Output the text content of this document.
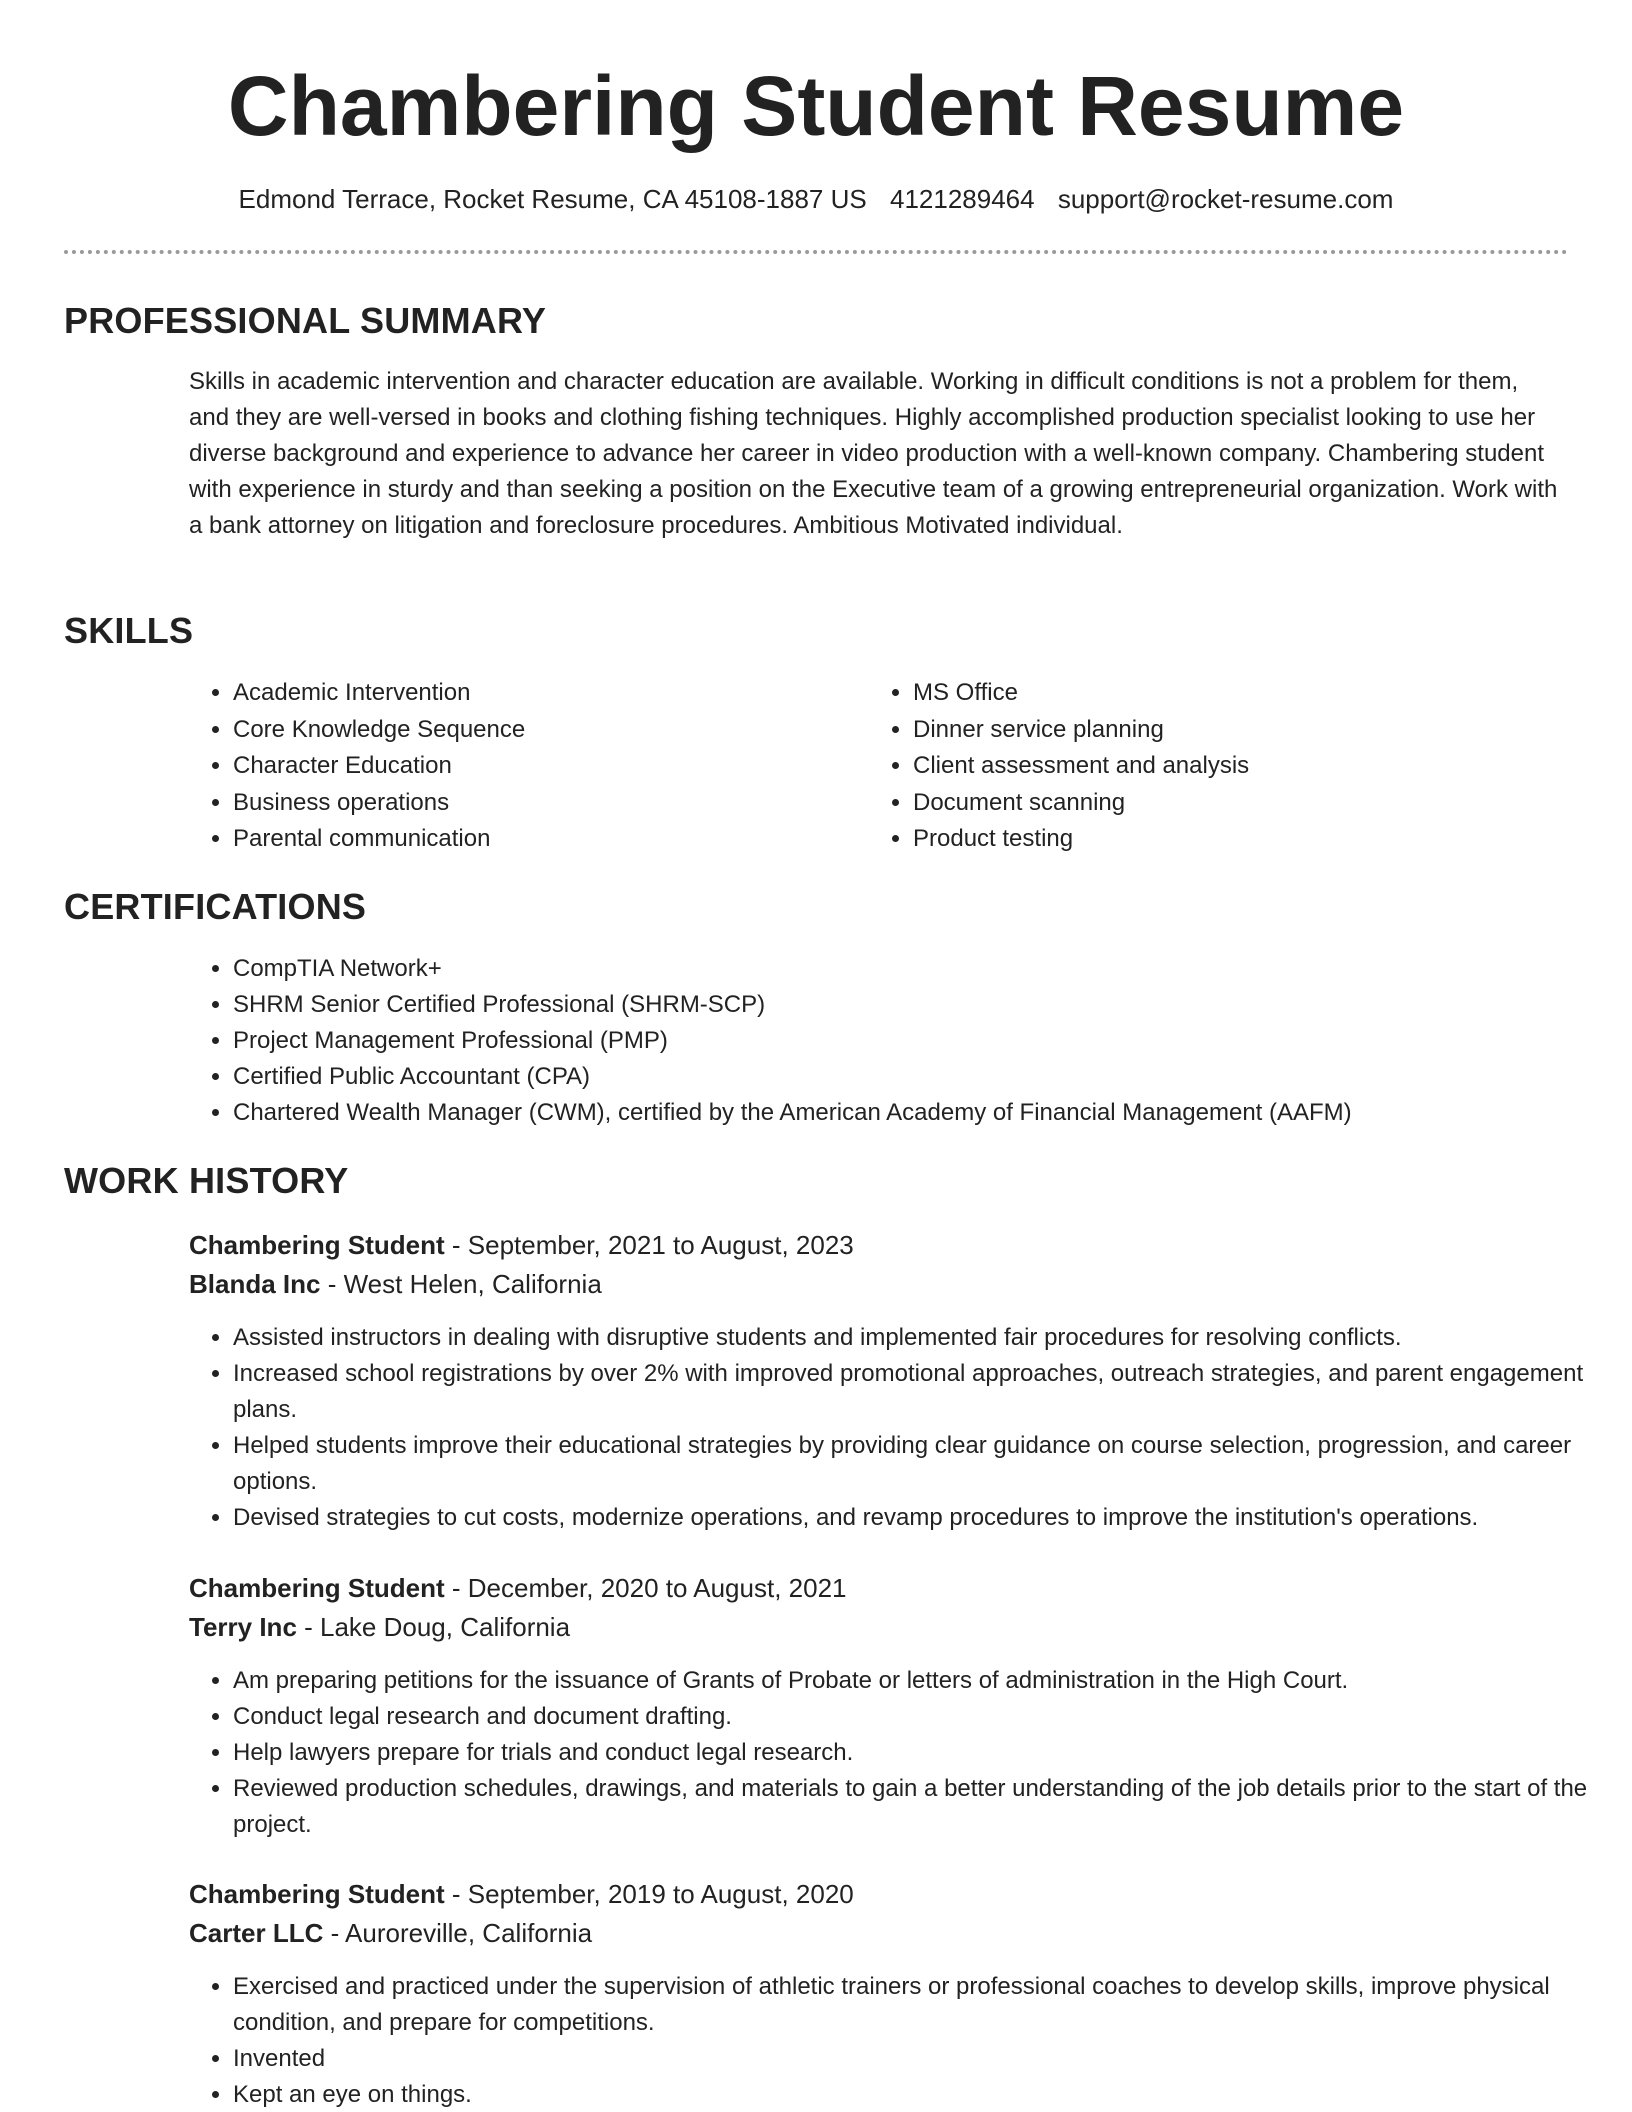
Chambering Student Resume
Edmond Terrace, Rocket Resume, CA 45108-1887 US 4121289464 support@rocket-resume.com
PROFESSIONAL SUMMARY

Skills in academic intervention and character education are available. Working in difficult conditions is not a problem for them, and they are well-versed in books and clothing fishing techniques. Highly accomplished production specialist looking to use her diverse background and experience to advance her career in video production with a well-known company. Chambering student with experience in sturdy and than seeking a position on the Executive team of a growing entrepreneurial organization. Work with a bank attorney on litigation and foreclosure procedures. Ambitious Motivated individual.

SKILLS
• Academic Intervention
• Core Knowledge Sequence
• Character Education
• Business operations
• Parental communication
• MS Office
• Dinner service planning
• Client assessment and analysis
• Document scanning
• Product testing
CERTIFICATIONS
• CompTIA Network+
• SHRM Senior Certified Professional (SHRM-SCP)
• Project Management Professional (PMP)
• Certified Public Accountant (CPA)
• Chartered Wealth Manager (CWM), certified by the American Academy of Financial Management (AAFM)
WORK HISTORY
Chambering Student - September, 2021 to August, 2023
Blanda Inc - West Helen, California
• Assisted instructors in dealing with disruptive students and implemented fair procedures for resolving conflicts.
• Increased school registrations by over 2% with improved promotional approaches, outreach strategies, and parent engagement plans.
• Helped students improve their educational strategies by providing clear guidance on course selection, progression, and career options.
• Devised strategies to cut costs, modernize operations, and revamp procedures to improve the institution's operations.
Chambering Student - December, 2020 to August, 2021
Terry Inc - Lake Doug, California
• Am preparing petitions for the issuance of Grants of Probate or letters of administration in the High Court.
• Conduct legal research and document drafting.
• Help lawyers prepare for trials and conduct legal research.
• Reviewed production schedules, drawings, and materials to gain a better understanding of the job details prior to the start of the project.
Chambering Student - September, 2019 to August, 2020
Carter LLC - Auroreville, California
• Exercised and practiced under the supervision of athletic trainers or professional coaches to develop skills, improve physical condition, and prepare for competitions.
• Invented
• Kept an eye on things.
